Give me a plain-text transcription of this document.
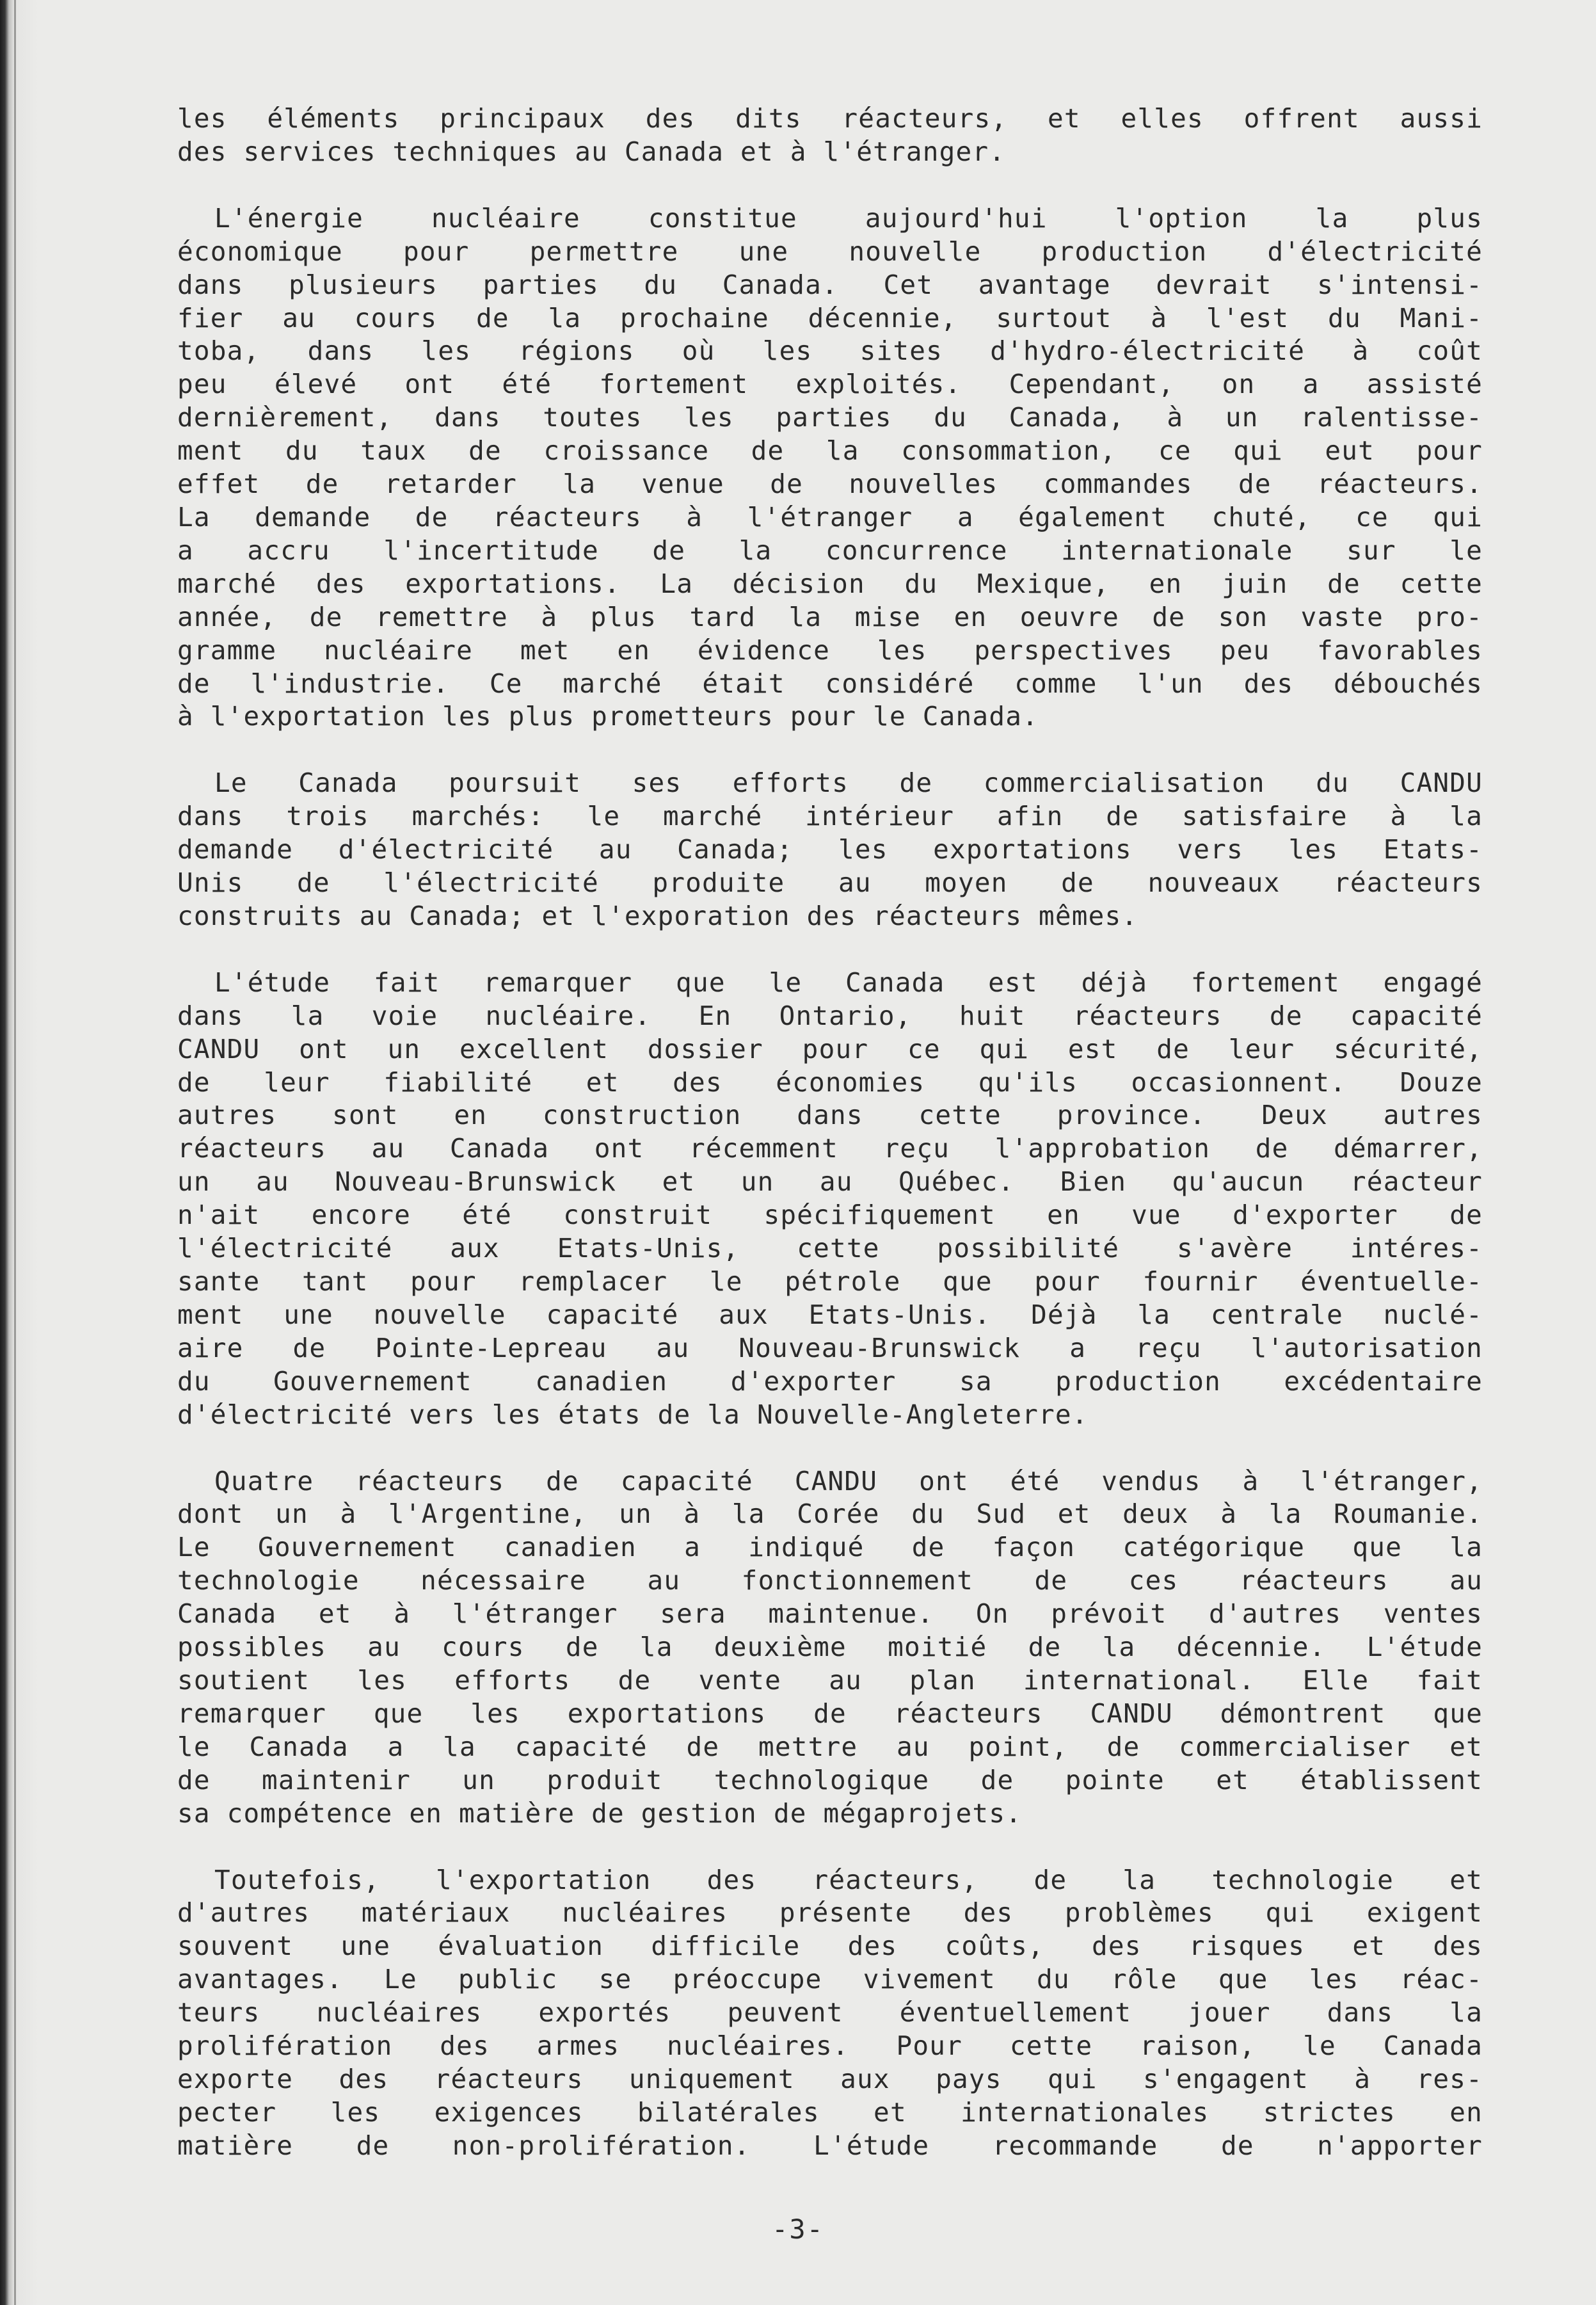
les éléments principaux des dits réacteurs, et elles offrent aussi
des services techniques au Canada et à l'étranger.
L'énergie nucléaire constitue aujourd'hui l'option la plus
économique pour permettre une nouvelle production d'électricité
dans plusieurs parties du Canada. Cet avantage devrait s'intensi-
fier au cours de la prochaine décennie, surtout à l'est du Mani-
toba, dans les régions où les sites d'hydro-électricité à coût
peu élevé ont été fortement exploités. Cependant, on a assisté
dernièrement, dans toutes les parties du Canada, à un ralentisse-
ment du taux de croissance de la consommation, ce qui eut pour
effet de retarder la venue de nouvelles commandes de réacteurs.
La demande de réacteurs à l'étranger a également chuté, ce qui
a accru l'incertitude de la concurrence internationale sur le
marché des exportations. La décision du Mexique, en juin de cette
année, de remettre à plus tard la mise en oeuvre de son vaste pro-
gramme nucléaire met en évidence les perspectives peu favorables
de l'industrie. Ce marché était considéré comme l'un des débouchés
à l'exportation les plus prometteurs pour le Canada.
Le Canada poursuit ses efforts de commercialisation du CANDU
dans trois marchés: le marché intérieur afin de satisfaire à la
demande d'électricité au Canada; les exportations vers les Etats-
Unis de l'électricité produite au moyen de nouveaux réacteurs
construits au Canada; et l'exporation des réacteurs mêmes.
L'étude fait remarquer que le Canada est déjà fortement engagé
dans la voie nucléaire. En Ontario, huit réacteurs de capacité
CANDU ont un excellent dossier pour ce qui est de leur sécurité,
de leur fiabilité et des économies qu'ils occasionnent. Douze
autres sont en construction dans cette province. Deux autres
réacteurs au Canada ont récemment reçu l'approbation de démarrer,
un au Nouveau-Brunswick et un au Québec. Bien qu'aucun réacteur
n'ait encore été construit spécifiquement en vue d'exporter de
l'électricité aux Etats-Unis, cette possibilité s'avère intéres-
sante tant pour remplacer le pétrole que pour fournir éventuelle-
ment une nouvelle capacité aux Etats-Unis. Déjà la centrale nuclé-
aire de Pointe-Lepreau au Nouveau-Brunswick a reçu l'autorisation
du Gouvernement canadien d'exporter sa production excédentaire
d'électricité vers les états de la Nouvelle-Angleterre.
Quatre réacteurs de capacité CANDU ont été vendus à l'étranger,
dont un à l'Argentine, un à la Corée du Sud et deux à la Roumanie.
Le Gouvernement canadien a indiqué de façon catégorique que la
technologie nécessaire au fonctionnement de ces réacteurs au
Canada et à l'étranger sera maintenue. On prévoit d'autres ventes
possibles au cours de la deuxième moitié de la décennie. L'étude
soutient les efforts de vente au plan international. Elle fait
remarquer que les exportations de réacteurs CANDU démontrent que
le Canada a la capacité de mettre au point, de commercialiser et
de maintenir un produit technologique de pointe et établissent
sa compétence en matière de gestion de mégaprojets.
Toutefois, l'exportation des réacteurs, de la technologie et
d'autres matériaux nucléaires présente des problèmes qui exigent
souvent une évaluation difficile des coûts, des risques et des
avantages. Le public se préoccupe vivement du rôle que les réac-
teurs nucléaires exportés peuvent éventuellement jouer dans la
prolifération des armes nucléaires. Pour cette raison, le Canada
exporte des réacteurs uniquement aux pays qui s'engagent à res-
pecter les exigences bilatérales et internationales strictes en
matière de non-prolifération. L'étude recommande de n'apporter
-3-
